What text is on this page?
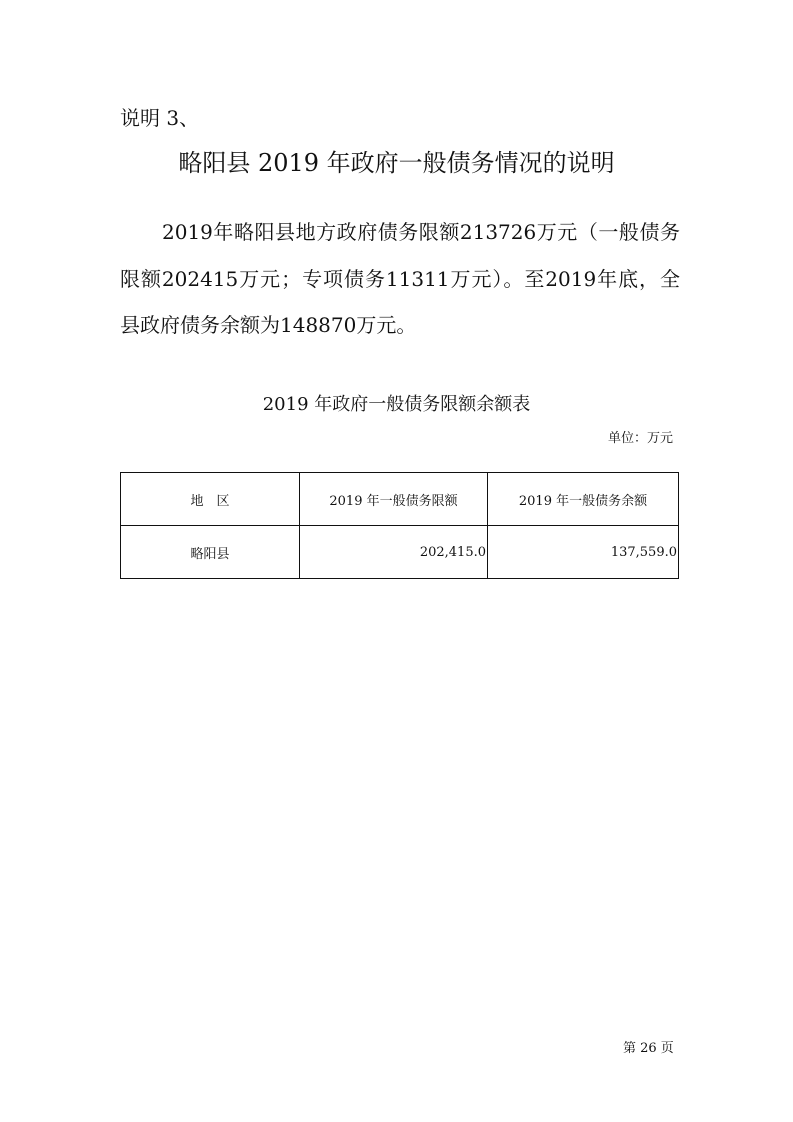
说明 3、
略阳县 2019 年政府一般债务情况的说明
2019年略阳县地方政府债务限额213726万元（一般债务限额202415万元；专项债务11311万元）。至2019年底，全县政府债务余额为148870万元。
2019 年政府一般债务限额余额表
单位：万元
地　区	2019 年一般债务限额	2019 年一般债务余额
略阳县	202,415.0	137,559.0
第 26 页
